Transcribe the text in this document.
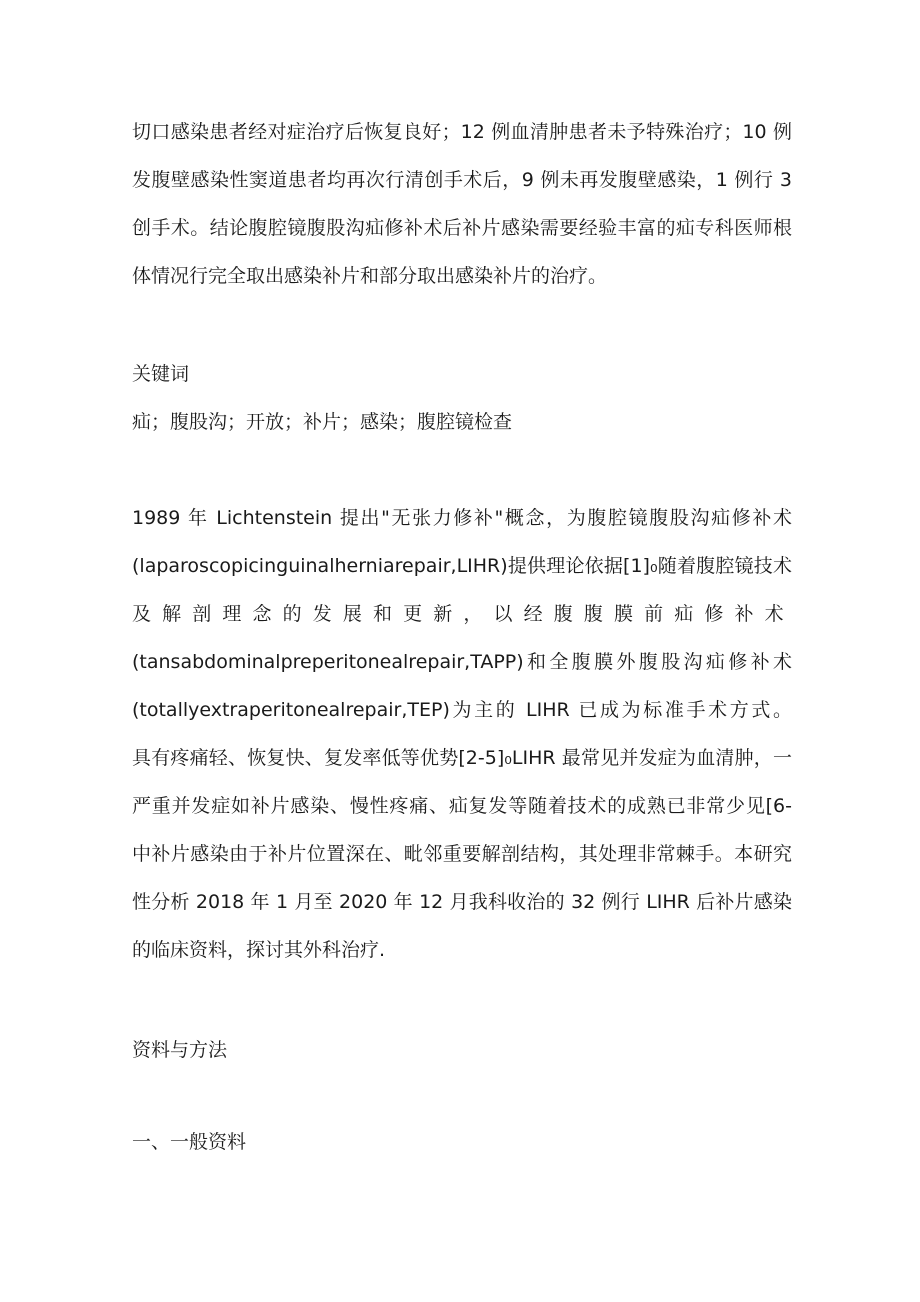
切口感染患者经对症治疗后恢复良好；12 例血清肿患者未予特殊治疗；10 例
发腹壁感染性窦道患者均再次行清创手术后，9 例未再发腹壁感染，1 例行 3
创手术。结论腹腔镜腹股沟疝修补术后补片感染需要经验丰富的疝专科医师根
体情况行完全取出感染补片和部分取出感染补片的治疗。
关键词
疝；腹股沟；开放；补片；感染；腹腔镜检查
1989 年 Lichtenstein 提出"无张力修补"概念，为腹腔镜腹股沟疝修补术
(laparoscopicinguinalherniarepair,LIHR)提供理论依据[1]₀随着腹腔镜技术
及解剖理念的发展和更新，以经腹腹膜前疝修补术
(tansabdominalpreperitonealrepair,TAPP)和全腹膜外腹股沟疝修补术
(totallyextraperitonealrepair,TEP)为主的 LIHR 已成为标准手术方式。
具有疼痛轻、恢复快、复发率低等优势[2-5]₀LIHR 最常见并发症为血清肿，一
严重并发症如补片感染、慢性疼痛、疝复发等随着技术的成熟已非常少见[6-
中补片感染由于补片位置深在、毗邻重要解剖结构，其处理非常棘手。本研究
性分析 2018 年 1 月至 2020 年 12 月我科收治的 32 例行 LIHR 后补片感染
的临床资料，探讨其外科治疗.
资料与方法
一、一般资料
